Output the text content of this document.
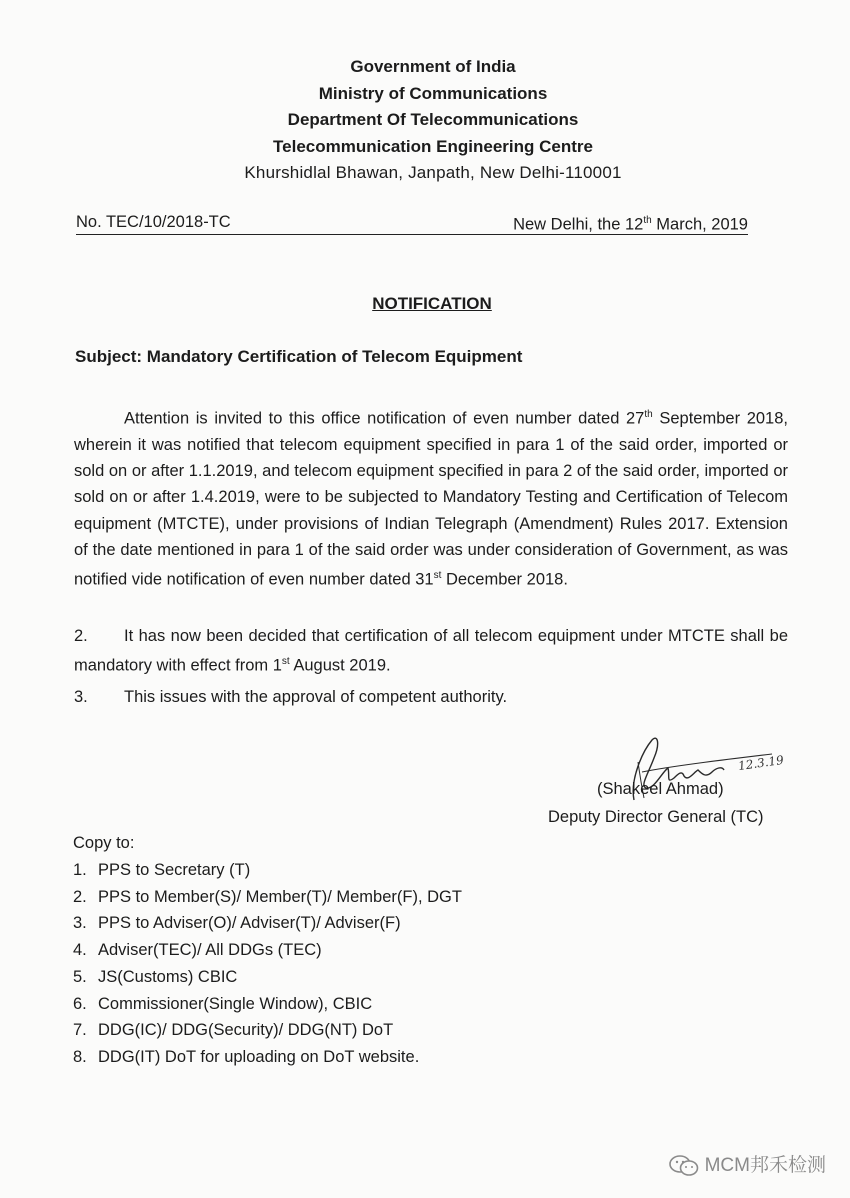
Government of India
Ministry of Communications
Department Of Telecommunications
Telecommunication Engineering Centre
Khurshidlal Bhawan, Janpath, New Delhi-110001
No. TEC/10/2018-TC	New Delhi, the 12th March, 2019
NOTIFICATION
Subject: Mandatory Certification of Telecom Equipment
Attention is invited to this office notification of even number dated 27th September 2018, wherein it was notified that telecom equipment specified in para 1 of the said order, imported or sold on or after 1.1.2019, and telecom equipment specified in para 2 of the said order, imported or sold on or after 1.4.2019, were to be subjected to Mandatory Testing and Certification of Telecom equipment (MTCTE), under provisions of Indian Telegraph (Amendment) Rules 2017. Extension of the date mentioned in para 1 of the said order was under consideration of Government, as was notified vide notification of even number dated 31st December 2018.
2. It has now been decided that certification of all telecom equipment under MTCTE shall be mandatory with effect from 1st August 2019.
3. This issues with the approval of competent authority.
12.3.19
(Shakeel Ahmad)
Deputy Director General (TC)
Copy to:
1. PPS to Secretary (T)
2. PPS to Member(S)/ Member(T)/ Member(F), DGT
3. PPS to Adviser(O)/ Adviser(T)/ Adviser(F)
4. Adviser(TEC)/ All DDGs (TEC)
5. JS(Customs) CBIC
6. Commissioner(Single Window), CBIC
7. DDG(IC)/ DDG(Security)/ DDG(NT) DoT
8. DDG(IT) DoT for uploading on DoT website.
MCM邦禾检测
